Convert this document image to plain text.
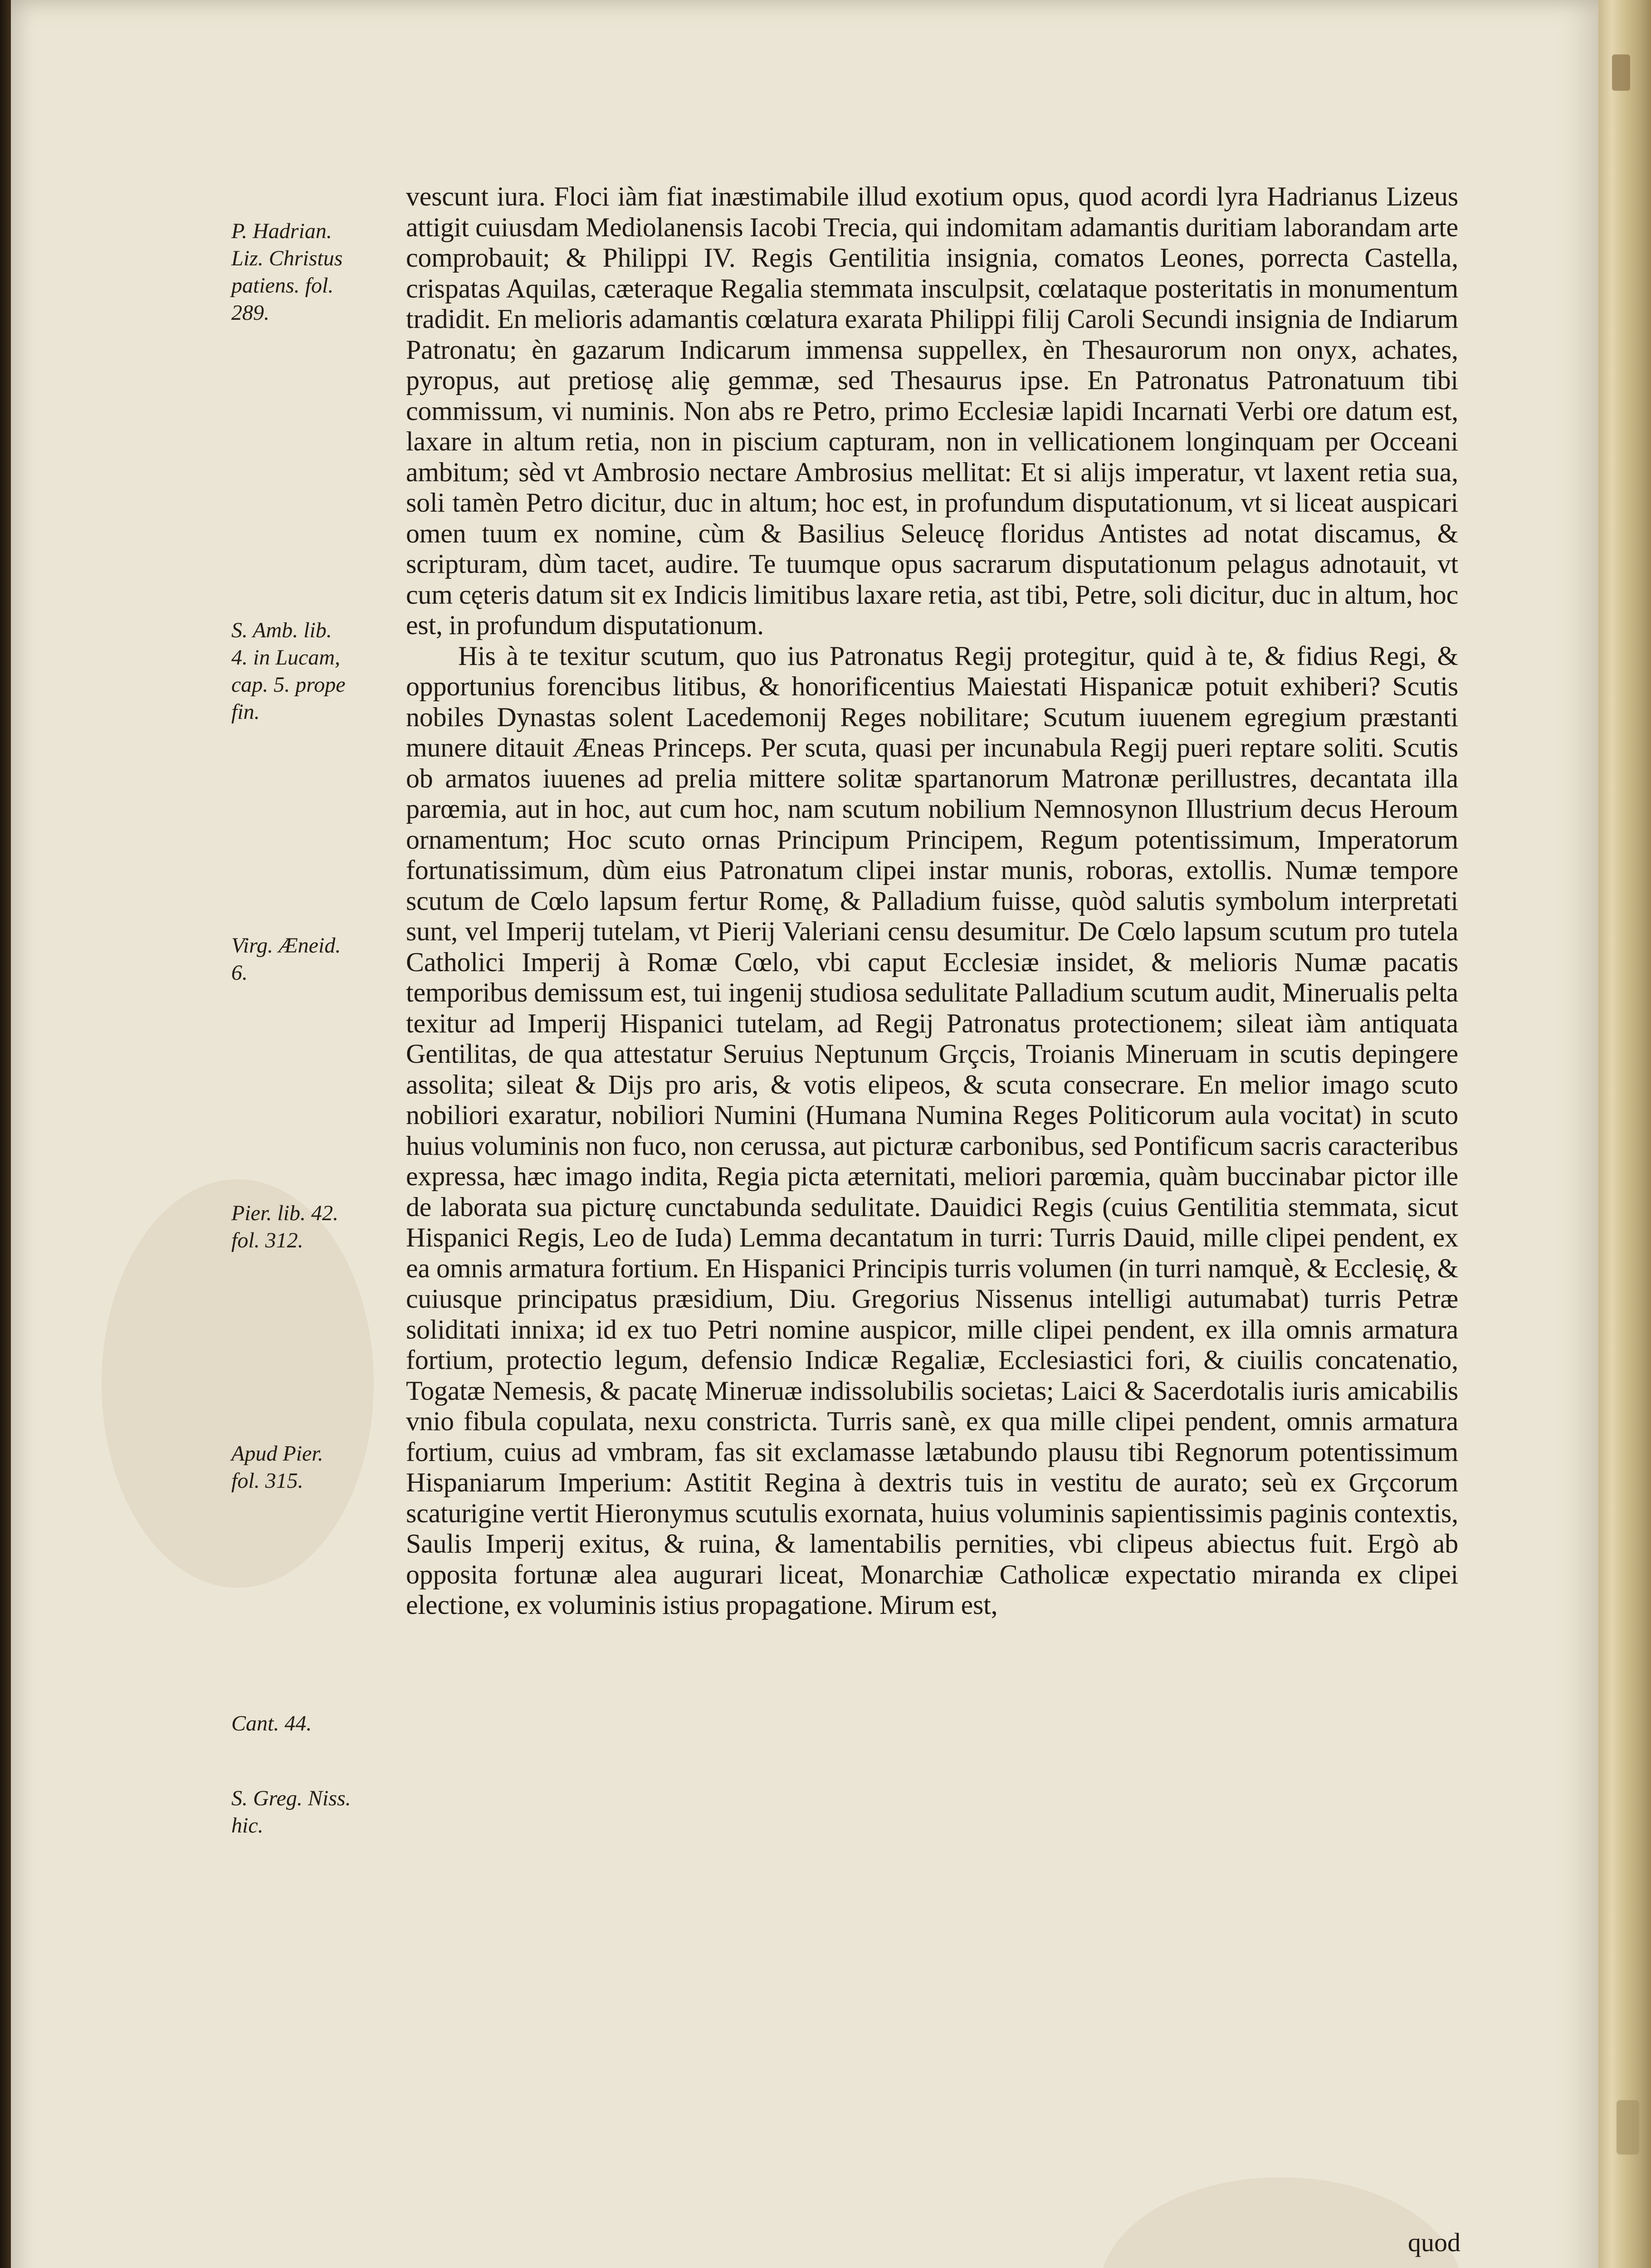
P. Hadrian.
Liz. Christus
patiens. fol.
289.
S. Amb. lib.
4. in Lucam,
cap. 5. prope
fin.
Virg. Æneid.
6.
Pier. lib. 42.
fol. 312.
Apud Pier.
fol. 315.
Cant. 44.
S. Greg. Niss.
hic.

vescunt iura. Floci iàm fiat inæstimabile illud exotium opus, quod acordi lyra Hadrianus Lizeus attigit cuiusdam Mediolanensis Iacobi Trecia, qui indomitam adamantis duritiam laborandam arte comprobauit; & Philippi IV. Regis Gentilitia insignia, comatos Leones, porrecta Castella, crispatas Aquilas, cæteraque Regalia stemmata insculpsit, cœlataque posteritatis in monumentum tradidit. En melioris adamantis cœlatura exarata Philippi filij Caroli Secundi insignia de Indiarum Patronatu; èn gazarum Indicarum immensa suppellex, èn Thesaurorum non onyx, achates, pyropus, aut pretiosę aliȩ gemmæ, sed Thesaurus ipse. En Patronatus Patronatuum tibi commissum, vi numinis. Non abs re Petro, primo Ecclesiæ lapidi Incarnati Verbi ore datum est, laxare in altum retia, non in piscium capturam, non in vellicationem longinquam per Occeani ambitum; sèd vt Ambrosio nectare Ambrosius mellitat: Et si alijs imperatur, vt laxent retia sua, soli tamèn Petro dicitur, duc in altum; hoc est, in profundum disputationum, vt si liceat auspicari omen tuum ex nomine, cùm & Basilius Seleucę floridus Antistes ad notat discamus, & scripturam, dùm tacet, audire. Te tuumque opus sacrarum disputationum pelagus adnotauit, vt cum cęteris datum sit ex Indicis limitibus laxare retia, ast tibi, Petre, soli dicitur, duc in altum, hoc est, in profundum disputationum.

His à te texitur scutum, quo ius Patronatus Regij protegitur, quid à te, & fidius Regi, & opportunius forencibus litibus, & honorificentius Maiestati Hispanicæ potuit exhiberi? Scutis nobiles Dynastas solent Lacedemonij Reges nobilitare; Scutum iuuenem egregium præstanti munere ditauit Æneas Princeps. Per scuta, quasi per incunabula Regij pueri reptare soliti. Scutis ob armatos iuuenes ad prelia mittere solitæ spartanorum Matronæ perillustres, decantata illa parœmia, aut in hoc, aut cum hoc, nam scutum nobilium Nemnosynon Illustrium decus Heroum ornamentum; Hoc scuto ornas Principum Principem, Regum potentissimum, Imperatorum fortunatissimum, dùm eius Patronatum clipei instar munis, roboras, extollis. Numæ tempore scutum de Cœlo lapsum fertur Romę, & Palladium fuisse, quòd salutis symbolum interpretati sunt, vel Imperij tutelam, vt Pierij Valeriani censu desumitur. De Cœlo lapsum scutum pro tutela Catholici Imperij à Romæ Cœlo, vbi caput Ecclesiæ insidet, & melioris Numæ pacatis temporibus demissum est, tui ingenij studiosa sedulitate Palladium scutum audit, Minerualis pelta texitur ad Imperij Hispanici tutelam, ad Regij Patronatus protectionem; sileat iàm antiquata Gentilitas, de qua attestatur Seruius Neptunum Grçcis, Troianis Mineruam in scutis depingere assolita; sileat & Dijs pro aris, & votis elipeos, & scuta consecrare. En melior imago scuto nobiliori exaratur, nobiliori Numini (Humana Numina Reges Politicorum aula vocitat) in scuto huius voluminis non fuco, non cerussa, aut picturæ carbonibus, sed Pontificum sacris caracteribus expressa, hæc imago indita, Regia picta æternitati, meliori parœmia, quàm buccinabar pictor ille de laborata sua picturę cunctabunda sedulitate. Dauidici Regis (cuius Gentilitia stemmata, sicut Hispanici Regis, Leo de Iuda) Lemma decantatum in turri: Turris Dauid, mille clipei pendent, ex ea omnis armatura fortium. En Hispanici Principis turris volumen (in turri namquè, & Ecclesię, & cuiusque principatus præsidium, Diu. Gregorius Nissenus intelligi autumabat) turris Petræ soliditati innixa; id ex tuo Petri nomine auspicor, mille clipei pendent, ex illa omnis armatura fortium, protectio legum, defensio Indicæ Regaliæ, Ecclesiastici fori, & ciuilis concatenatio, Togatæ Nemesis, & pacatę Mineruæ indissolubilis societas; Laici & Sacerdotalis iuris amicabilis vnio fibula copulata, nexu constricta. Turris sanè, ex qua mille clipei pendent, omnis armatura fortium, cuius ad vmbram, fas sit exclamasse lætabundo plausu tibi Regnorum potentissimum Hispaniarum Imperium: Astitit Regina à dextris tuis in vestitu de aurato; seù ex Grçcorum scaturigine vertit Hieronymus scutulis exornata, huius voluminis sapientissimis paginis contextis, Saulis Imperij exitus, & ruina, & lamentabilis pernities, vbi clipeus abiectus fuit. Ergò ab opposita fortunæ alea augurari liceat, Monarchiæ Catholicæ expectatio miranda ex clipei electione, ex voluminis istius propagatione. Mirum est,

quod
